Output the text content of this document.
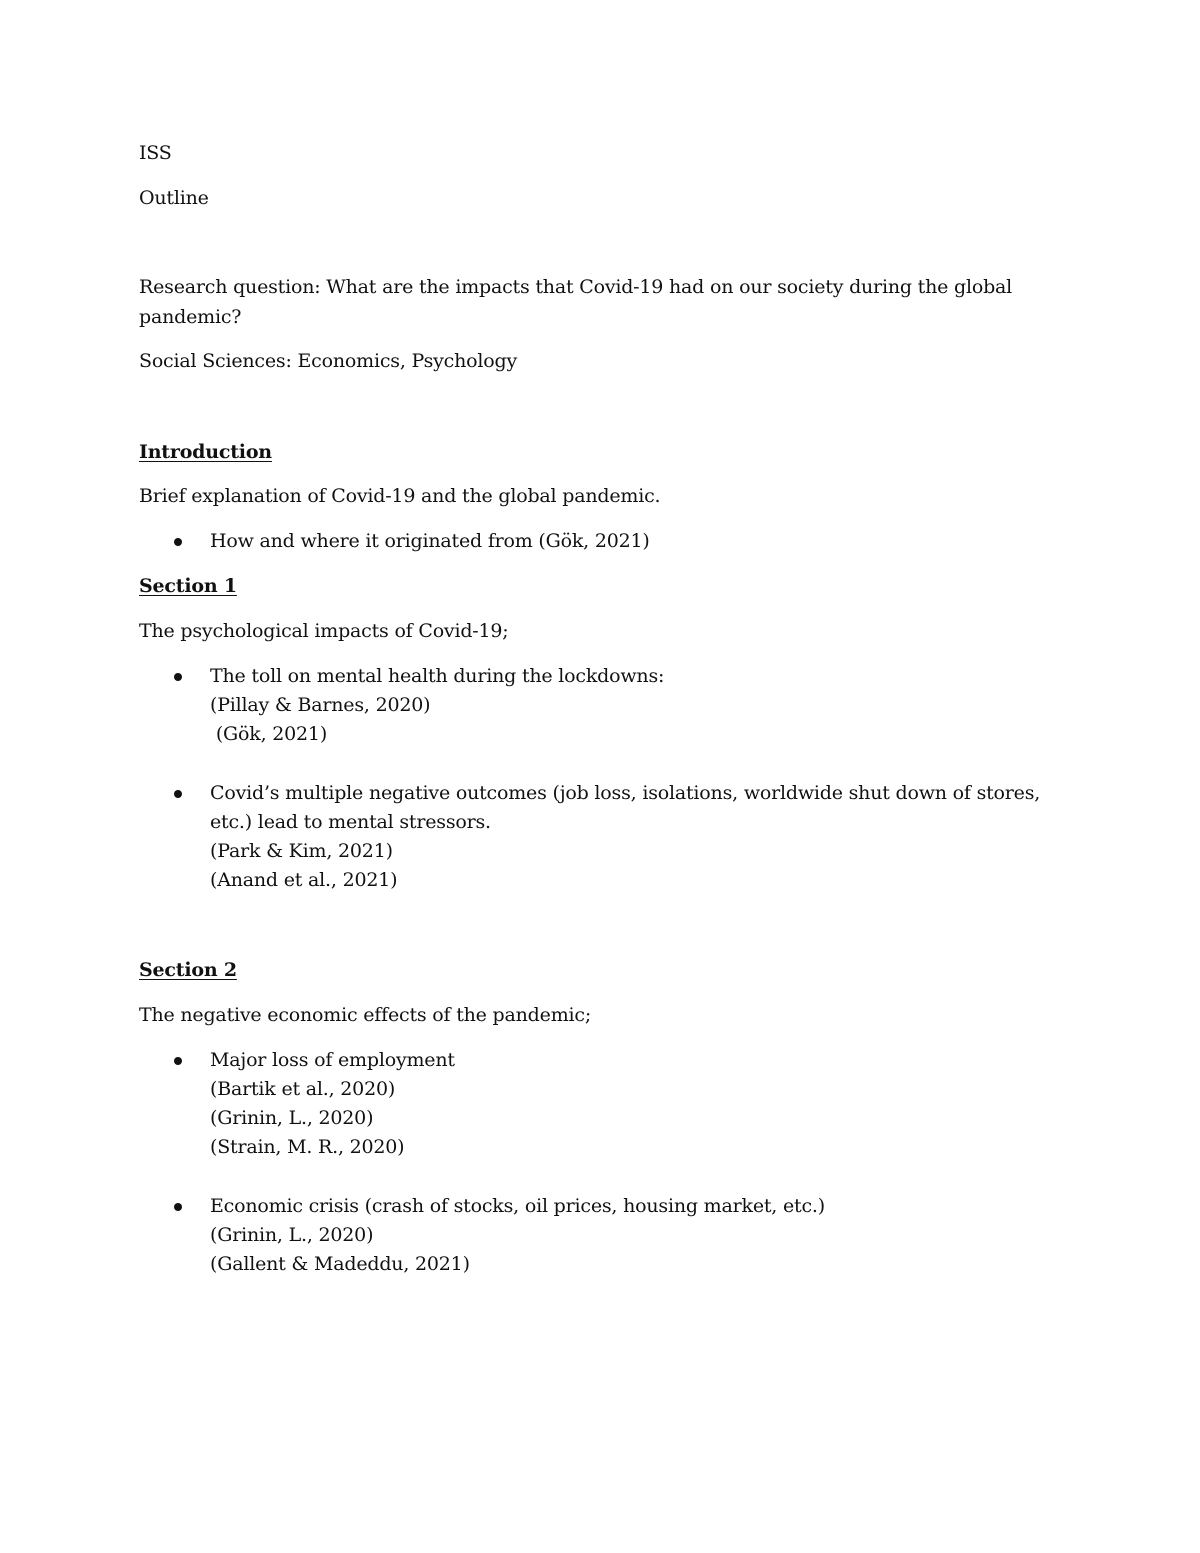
ISS
Outline
Research question: What are the impacts that Covid-19 had on our society during the global
pandemic?
Social Sciences: Economics, Psychology
Introduction
Brief explanation of Covid-19 and the global pandemic.
How and where it originated from (Gök, 2021)
Section 1
The psychological impacts of Covid-19;
The toll on mental health during the lockdowns:
(Pillay & Barnes, 2020)
(Gök, 2021)
Covid’s multiple negative outcomes (job loss, isolations, worldwide shut down of stores,
etc.) lead to mental stressors.
(Park & Kim, 2021)
(Anand et al., 2021)
Section 2
The negative economic effects of the pandemic;
Major loss of employment
(Bartik et al., 2020)
(Grinin, L., 2020)
(Strain, M. R., 2020)
Economic crisis (crash of stocks, oil prices, housing market, etc.)
(Grinin, L., 2020)
(Gallent & Madeddu, 2021)
